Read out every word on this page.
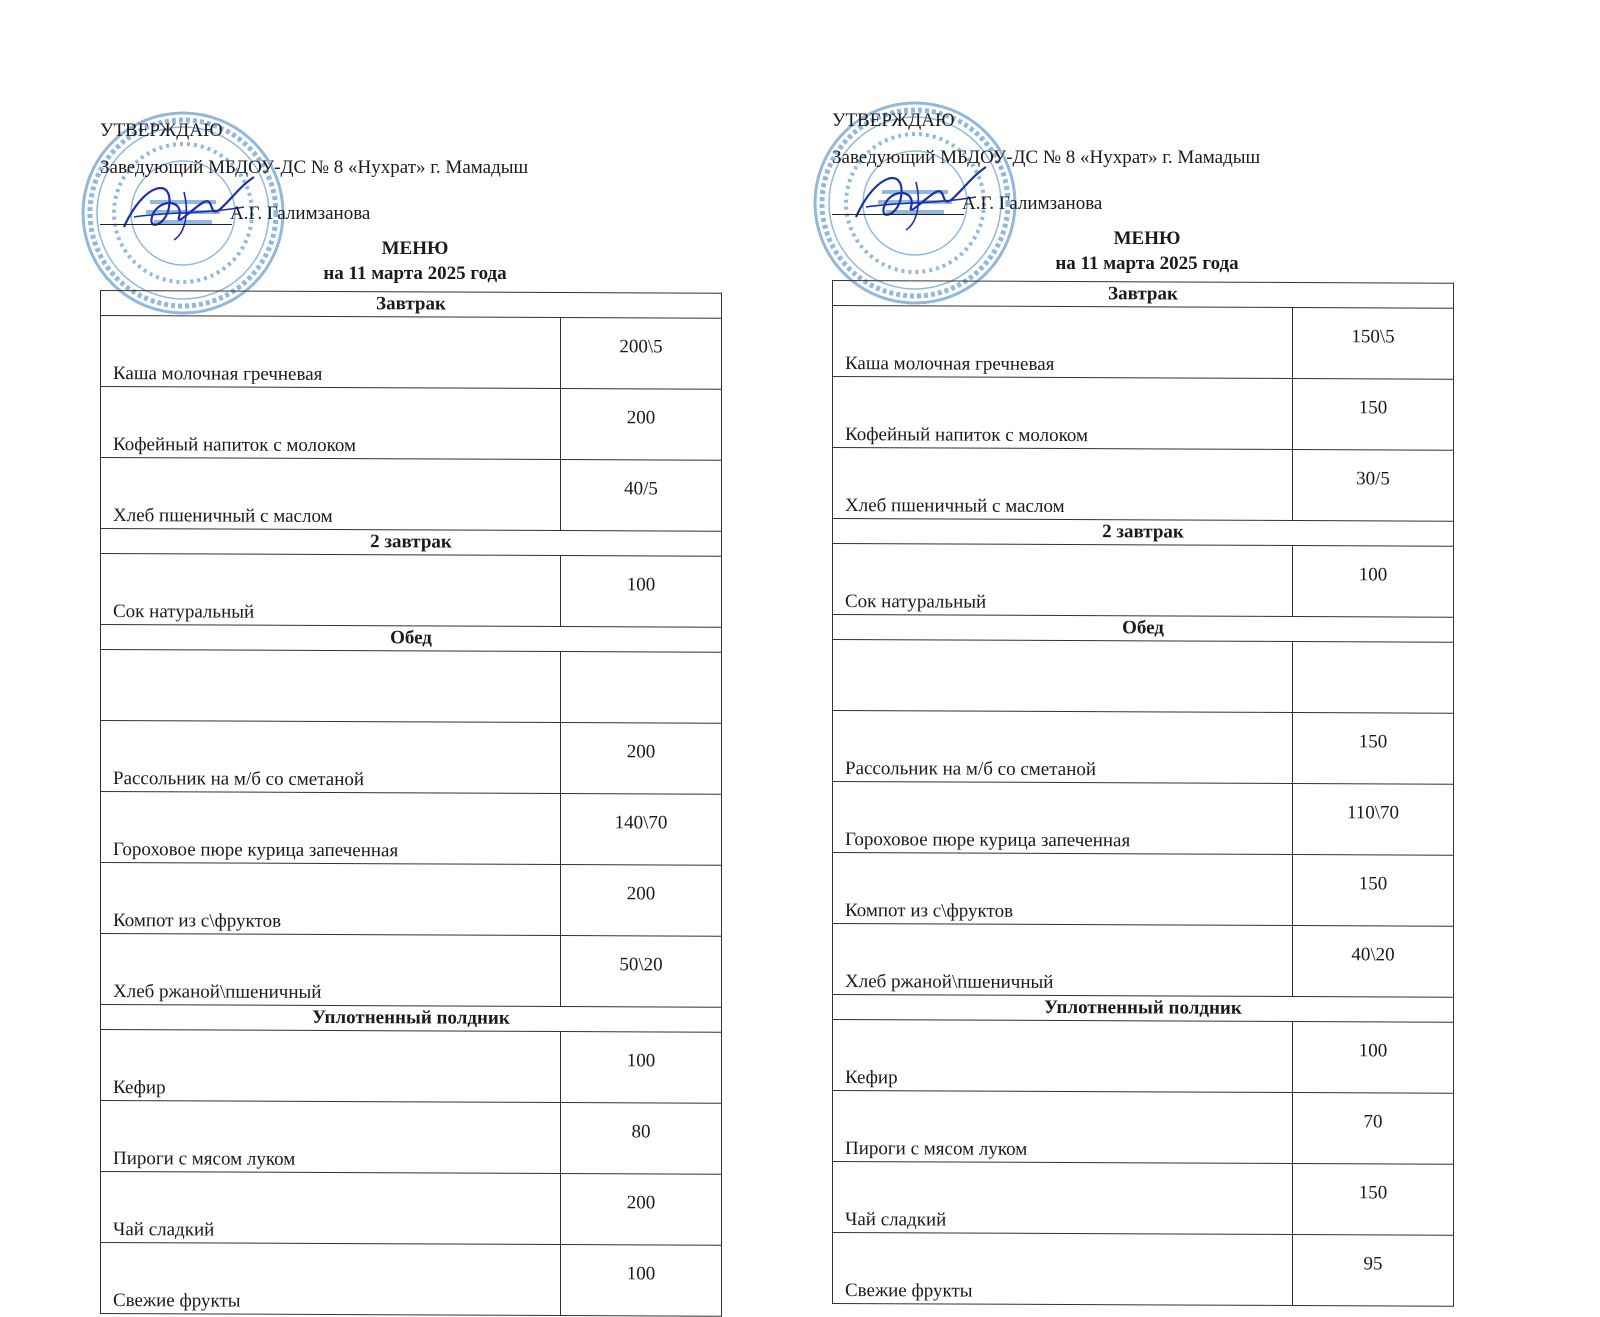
УТВЕРЖДАЮ
Заведующий МБДОУ-ДС № 8 «Нухрат» г. Мамадыш
А.Г. Галимзанова
МЕНЮ
на 11 марта 2025 года
Завтрак	
Каша молочная гречневая	200\5
Кофейный напиток с молоком	200
Хлеб пшеничный с маслом	40/5
2 завтрак	
Сок натуральный	100
Обед	

Рассольник на м/б со сметаной	200
Гороховое пюре курица запеченная	140\70
Компот из с\фруктов	200
Хлеб ржаной\пшеничный	50\20
Уплотненный полдник	
Кефир	100
Пироги с мясом луком	80
Чай сладкий	200
Свежие фрукты	100
УТВЕРЖДАЮ
Заведующий МБДОУ-ДС № 8 «Нухрат» г. Мамадыш
А.Г. Галимзанова
МЕНЮ
на 11 марта 2025 года
Завтрак	
Каша молочная гречневая	150\5
Кофейный напиток с молоком	150
Хлеб пшеничный с маслом	30/5
2 завтрак	
Сок натуральный	100
Обед	

Рассольник на м/б со сметаной	150
Гороховое пюре курица запеченная	110\70
Компот из с\фруктов	150
Хлеб ржаной\пшеничный	40\20
Уплотненный полдник	
Кефир	100
Пироги с мясом луком	70
Чай сладкий	150
Свежие фрукты	95
